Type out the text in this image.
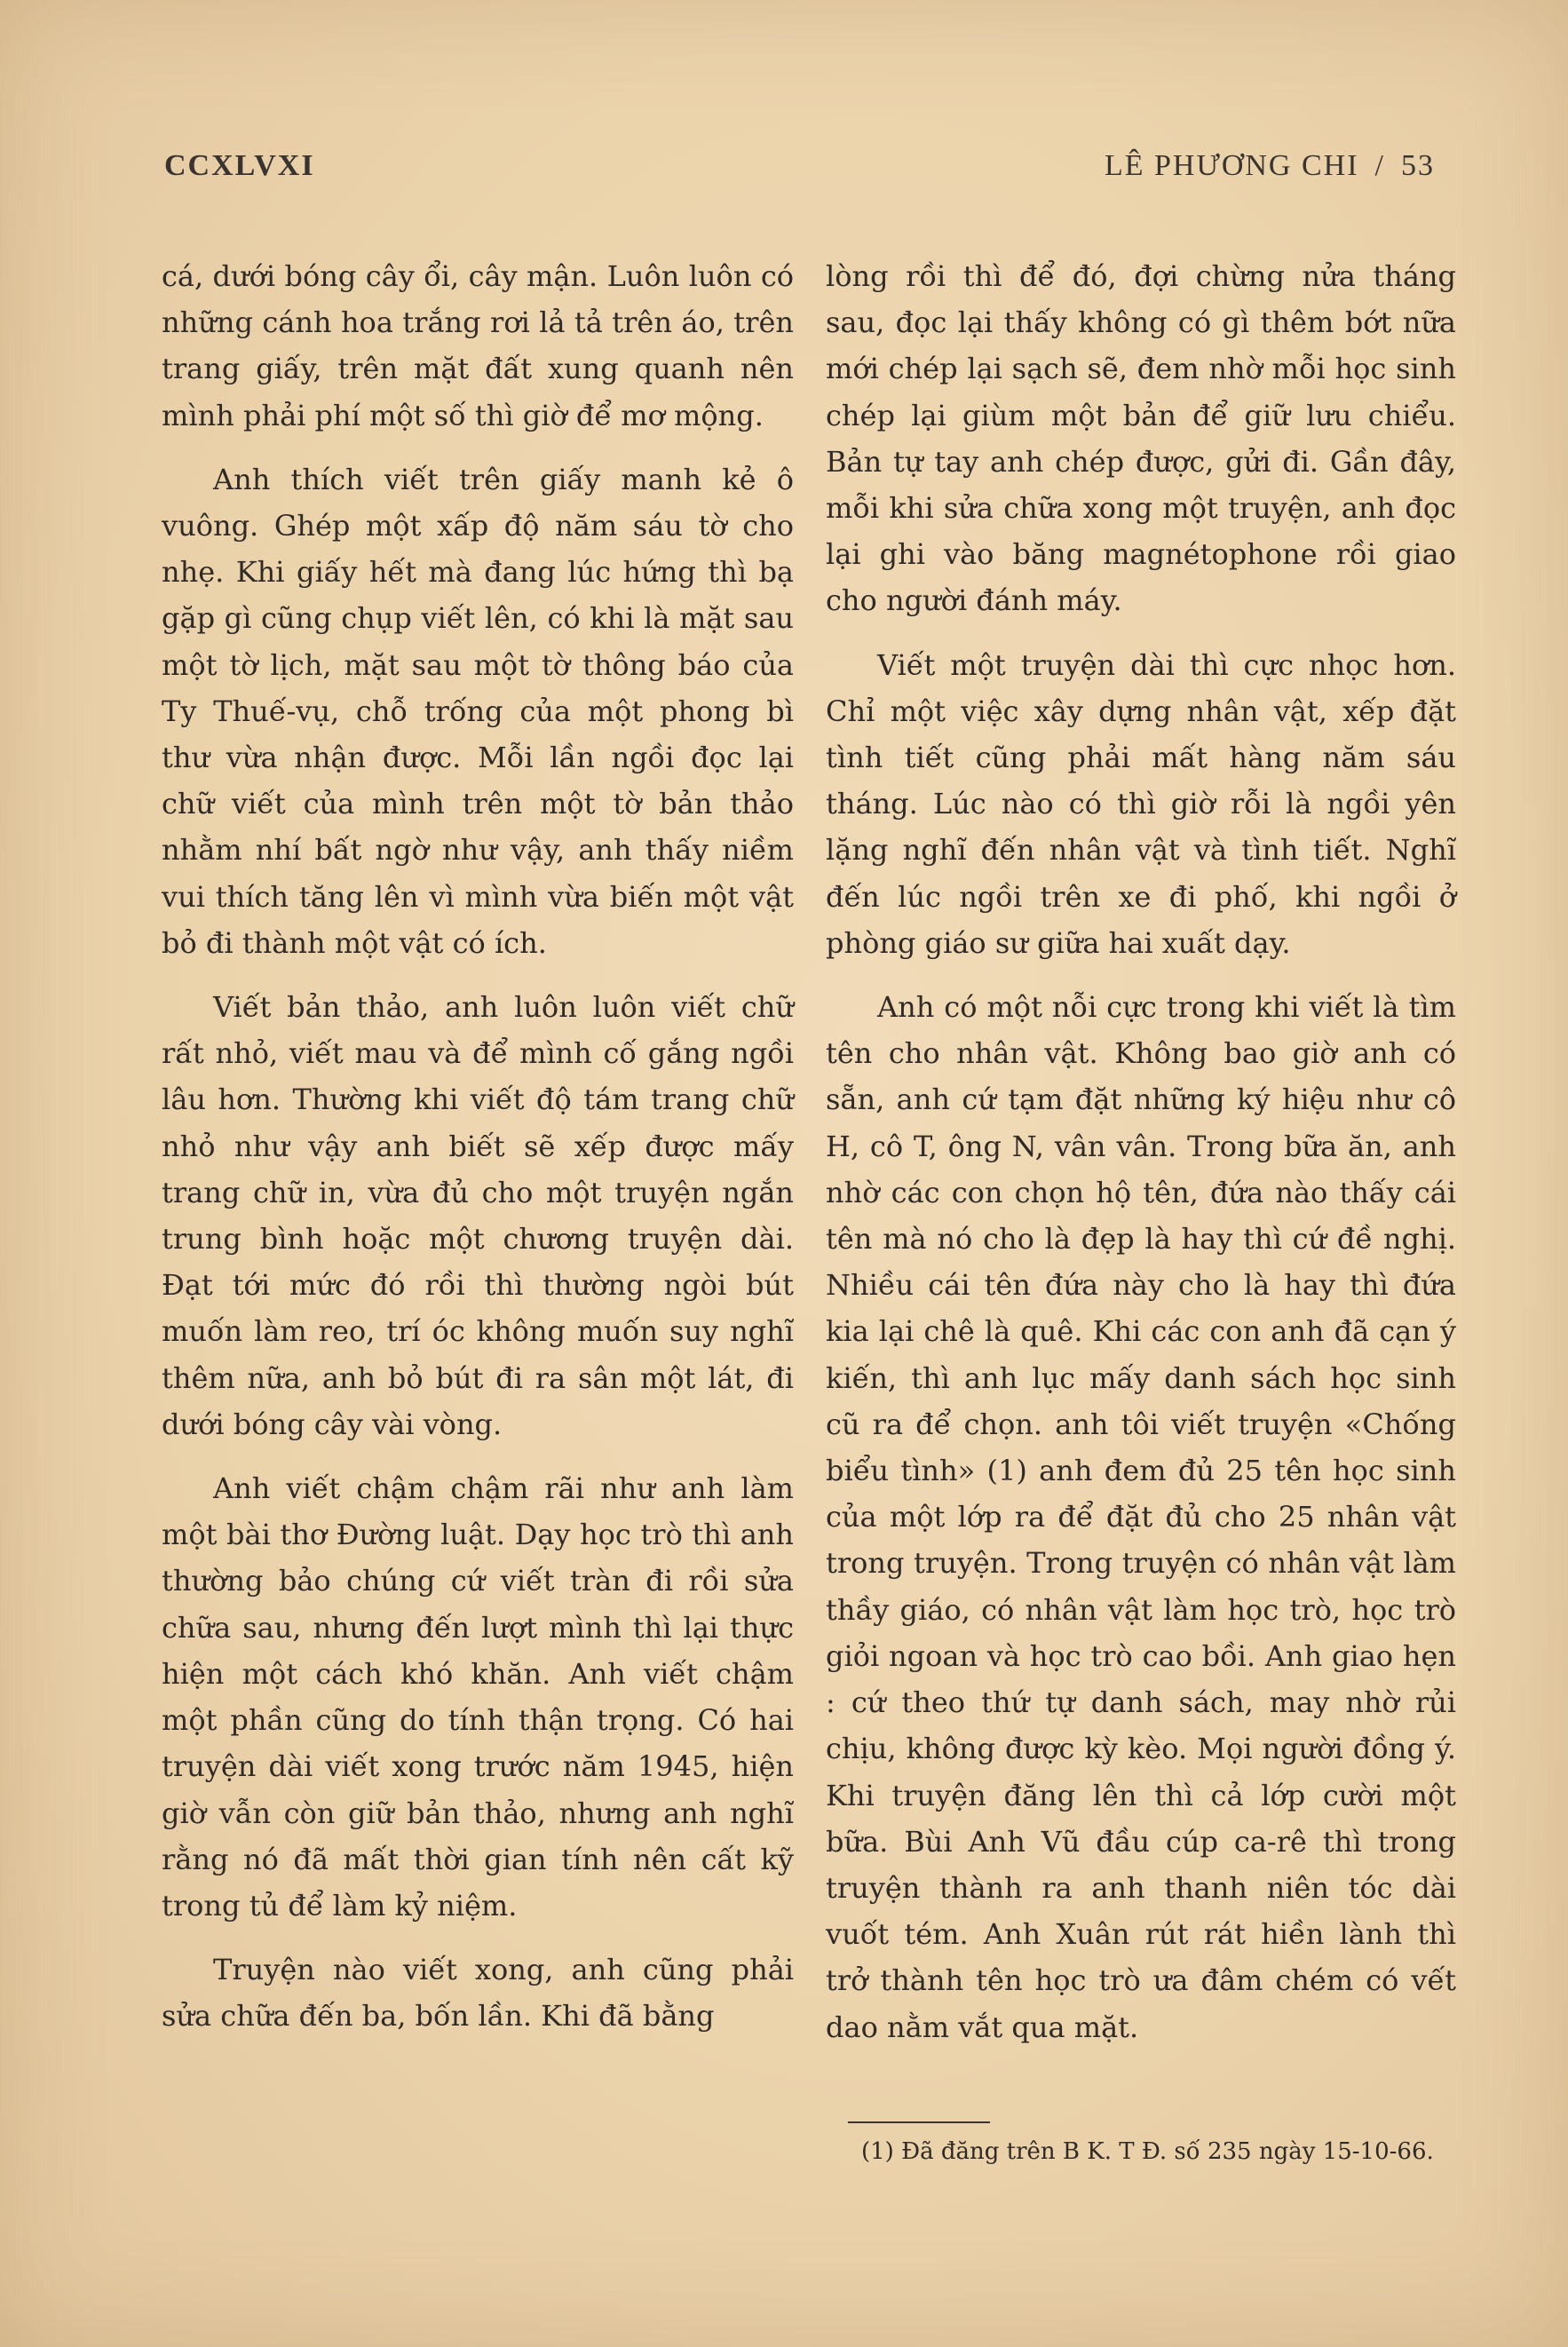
CCXLVXI	LÊ PHƯƠNG CHI / 53

cá, dưới bóng cây ổi, cây mận. Luôn luôn có những cánh hoa trắng rơi lả tả trên áo, trên trang giấy, trên mặt đất xung quanh nên mình phải phí một số thì giờ để mơ mộng.

Anh thích viết trên giấy manh kẻ ô vuông. Ghép một xấp độ năm sáu tờ cho nhẹ. Khi giấy hết mà đang lúc hứng thì bạ gặp gì cũng chụp viết lên, có khi là mặt sau một tờ lịch, mặt sau một tờ thông báo của Ty Thuế-vụ, chỗ trống của một phong bì thư vừa nhận được. Mỗi lần ngồi đọc lại chữ viết của mình trên một tờ bản thảo nhằm nhí bất ngờ như vậy, anh thấy niềm vui thích tăng lên vì mình vừa biến một vật bỏ đi thành một vật có ích.

Viết bản thảo, anh luôn luôn viết chữ rất nhỏ, viết mau và để mình cố gắng ngồi lâu hơn. Thường khi viết độ tám trang chữ nhỏ như vậy anh biết sẽ xếp được mấy trang chữ in, vừa đủ cho một truyện ngắn trung bình hoặc một chương truyện dài. Đạt tới mức đó rồi thì thường ngòi bút muốn làm reo, trí óc không muốn suy nghĩ thêm nữa, anh bỏ bút đi ra sân một lát, đi dưới bóng cây vài vòng.

Anh viết chậm chậm rãi như anh làm một bài thơ Đường luật. Dạy học trò thì anh thường bảo chúng cứ viết tràn đi rồi sửa chữa sau, nhưng đến lượt mình thì lại thực hiện một cách khó khăn. Anh viết chậm một phần cũng do tính thận trọng. Có hai truyện dài viết xong trước năm 1945, hiện giờ vẫn còn giữ bản thảo, nhưng anh nghĩ rằng nó đã mất thời gian tính nên cất kỹ trong tủ để làm kỷ niệm.

Truyện nào viết xong, anh cũng phải sửa chữa đến ba, bốn lần. Khi đã bằng

lòng rồi thì để đó, đợi chừng nửa tháng sau, đọc lại thấy không có gì thêm bớt nữa mới chép lại sạch sẽ, đem nhờ mỗi học sinh chép lại giùm một bản để giữ lưu chiểu. Bản tự tay anh chép được, gửi đi. Gần đây, mỗi khi sửa chữa xong một truyện, anh đọc lại ghi vào băng magnétophone rồi giao cho người đánh máy.

Viết một truyện dài thì cực nhọc hơn. Chỉ một việc xây dựng nhân vật, xếp đặt tình tiết cũng phải mất hàng năm sáu tháng. Lúc nào có thì giờ rỗi là ngồi yên lặng nghĩ đến nhân vật và tình tiết. Nghĩ đến lúc ngồi trên xe đi phố, khi ngồi ở phòng giáo sư giữa hai xuất dạy.

Anh có một nỗi cực trong khi viết là tìm tên cho nhân vật. Không bao giờ anh có sẵn, anh cứ tạm đặt những ký hiệu như cô H, cô T, ông N, vân vân. Trong bữa ăn, anh nhờ các con chọn hộ tên, đứa nào thấy cái tên mà nó cho là đẹp là hay thì cứ đề nghị. Nhiều cái tên đứa này cho là hay thì đứa kia lại chê là quê. Khi các con anh đã cạn ý kiến, thì anh lục mấy danh sách học sinh cũ ra để chọn. anh tôi viết truyện «Chống biểu tình» (1) anh đem đủ 25 tên học sinh của một lớp ra để đặt đủ cho 25 nhân vật trong truyện. Trong truyện có nhân vật làm thầy giáo, có nhân vật làm học trò, học trò giỏi ngoan và học trò cao bồi. Anh giao hẹn : cứ theo thứ tự danh sách, may nhờ rủi chịu, không được kỳ kèo. Mọi người đồng ý. Khi truyện đăng lên thì cả lớp cười một bữa. Bùi Anh Vũ đầu cúp ca-rê thì trong truyện thành ra anh thanh niên tóc dài vuốt tém. Anh Xuân rút rát hiền lành thì trở thành tên học trò ưa đâm chém có vết dao nằm vắt qua mặt.

(1) Đã đăng trên B K. T Đ. số 235 ngày 15-10-66.
